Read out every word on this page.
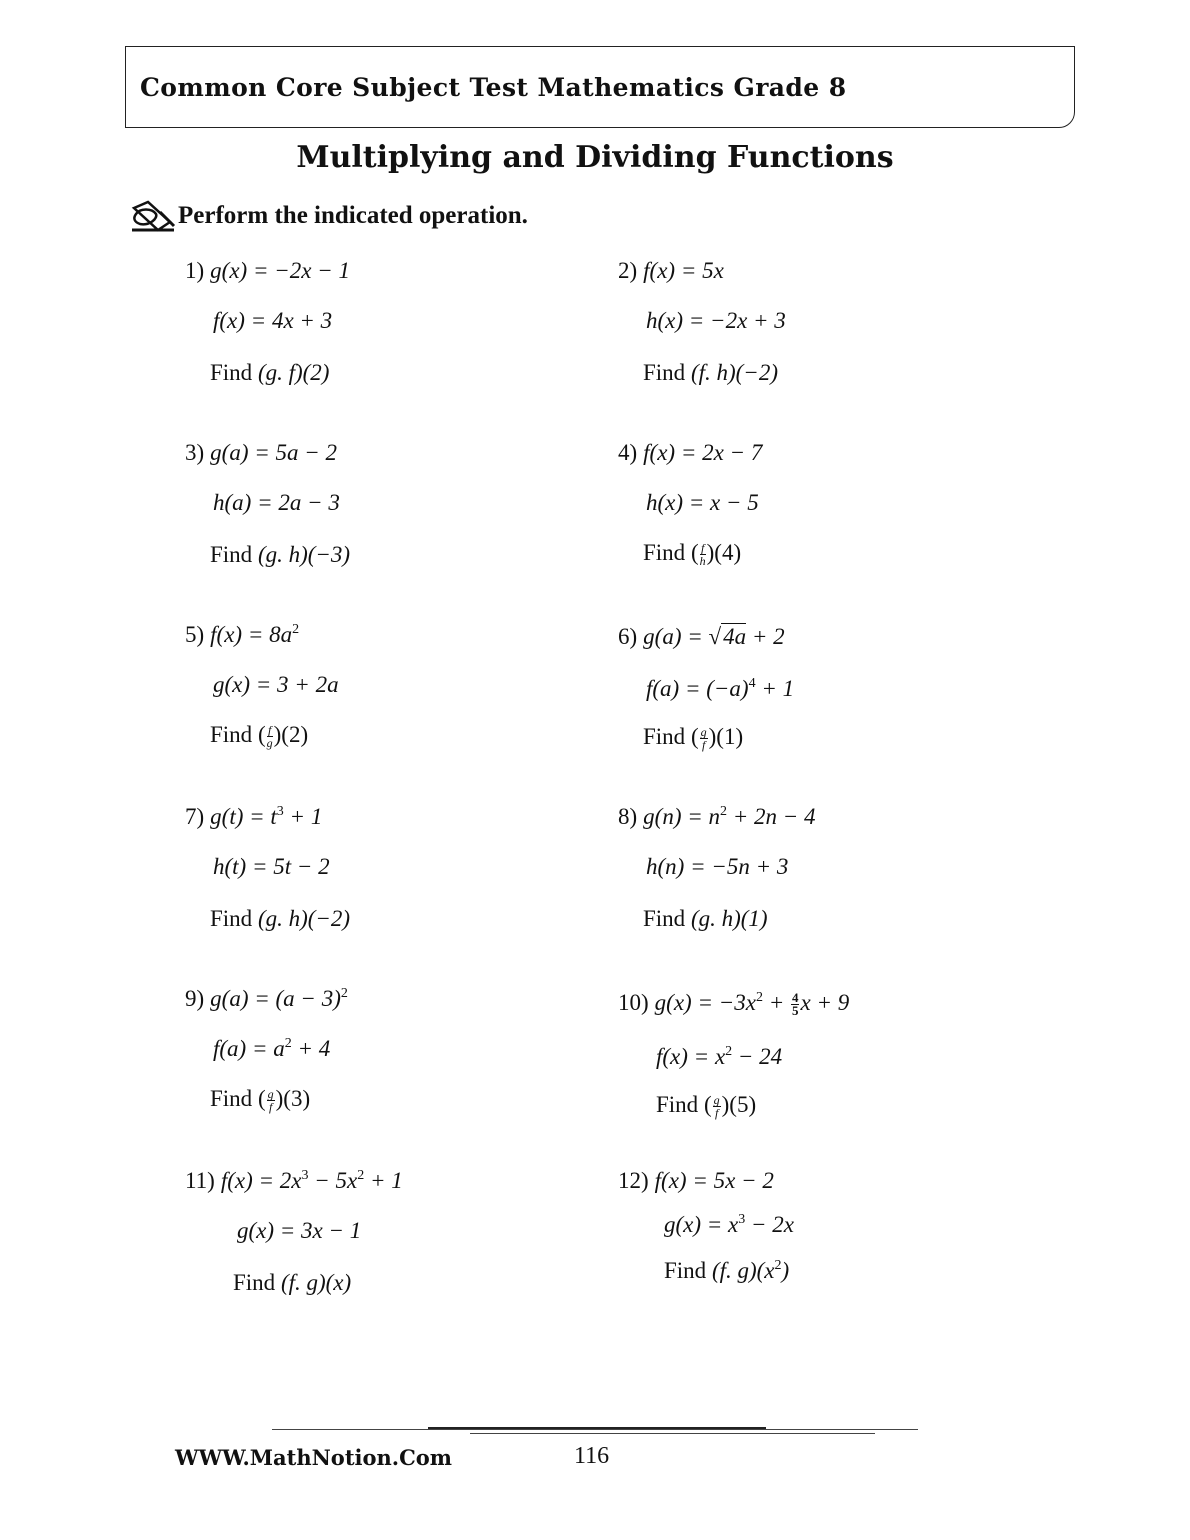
Common Core Subject Test Mathematics Grade 8
Multiplying and Dividing Functions
Perform the indicated operation.
1) g(x) = −2x − 1
f(x) = 4x + 3
Find (g. f)(2)
2) f(x) = 5x
h(x) = −2x + 3
Find (f. h)(−2)
3) g(a) = 5a − 2
h(a) = 2a − 3
Find (g. h)(−3)
4) f(x) = 2x − 7
h(x) = x − 5
Find ( $\frac{f}{h} )(4)$
5) $f(x) = 8a^2$
g(x) = 3 + 2a
Find ( $\frac{f}{g} )(2)$
6) g(a) = √4a + 2
$f(a) = (-a)^4 + 1$
Find ( $\frac{g}{f} )(1)$
7) $g(t) = t^3 + 1$
h(t) = 5t − 2
Find (g. h)(−2)
8) $g(n) = n^2 + 2n - 4$
h(n) = −5n + 3
Find (g. h)(1)
9) $g(a) = (a - 3)^2$
$f(a) = a^2 + 4$
Find ( $\frac{g}{f} )(3)$
10) $g(x) = -3x^2 + \frac{4}{5}$ x + 9
$f(x) = x^2 - 24$
Find ( $\frac{g}{f} )(5)$
11) $f(x) = 2x^3 - 5x^2 + 1$
g(x) = 3x − 1
Find (f. g)(x)
12) f(x) = 5x − 2
$g(x) = x^3 - 2x$
Find (f. $g)(x^2)$
WWW.MathNotion.Com	116
